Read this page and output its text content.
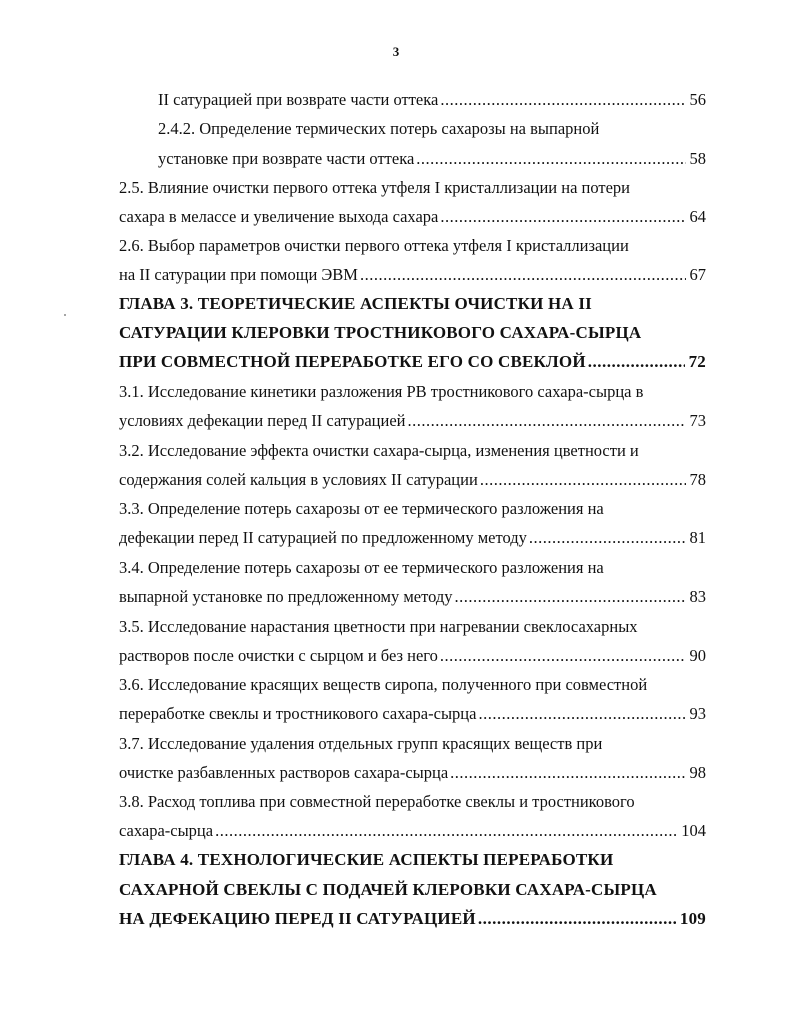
3
II сатурацией при возврате части оттека .....	56
2.4.2. Определение термических потерь сахарозы на выпарной
установке при возврате части оттека .....	58
2.5. Влияние очистки первого оттека утфеля I кристаллизации на потери
сахара в мелассе и увеличение выхода сахара .....	64
2.6. Выбор параметров очистки первого оттека утфеля I кристаллизации
на II сатурации при помощи ЭВМ .....	67
ГЛАВА 3. ТЕОРЕТИЧЕСКИЕ АСПЕКТЫ ОЧИСТКИ НА II
САТУРАЦИИ КЛЕРОВКИ ТРОСТНИКОВОГО САХАРА-СЫРЦА
ПРИ СОВМЕСТНОЙ ПЕРЕРАБОТКЕ ЕГО СО СВЕКЛОЙ .....	72
3.1. Исследование кинетики разложения РВ тростникового сахара-сырца в
условиях дефекации перед II сатурацией .....	73
3.2. Исследование эффекта очистки сахара-сырца, изменения цветности и
содержания солей кальция в условиях II сатурации .....	78
3.3. Определение потерь сахарозы от ее термического разложения на
дефекации перед II сатурацией по предложенному методу .....	81
3.4. Определение потерь сахарозы от ее термического разложения на
выпарной установке по предложенному методу .....	83
3.5. Исследование нарастания цветности при нагревании свеклосахарных
растворов после очистки с сырцом и без него .....	90
3.6. Исследование красящих веществ сиропа, полученного при совместной
переработке свеклы и тростникового сахара-сырца .....	93
3.7. Исследование удаления отдельных групп красящих веществ при
очистке разбавленных растворов сахара-сырца .....	98
3.8. Расход топлива при совместной переработке свеклы и тростникового
сахара-сырца .....	104
ГЛАВА 4. ТЕХНОЛОГИЧЕСКИЕ АСПЕКТЫ ПЕРЕРАБОТКИ
САХАРНОЙ СВЕКЛЫ С ПОДАЧЕЙ КЛЕРОВКИ САХАРА-СЫРЦА
НА ДЕФЕКАЦИЮ ПЕРЕД II САТУРАЦИЕЙ .....	109
